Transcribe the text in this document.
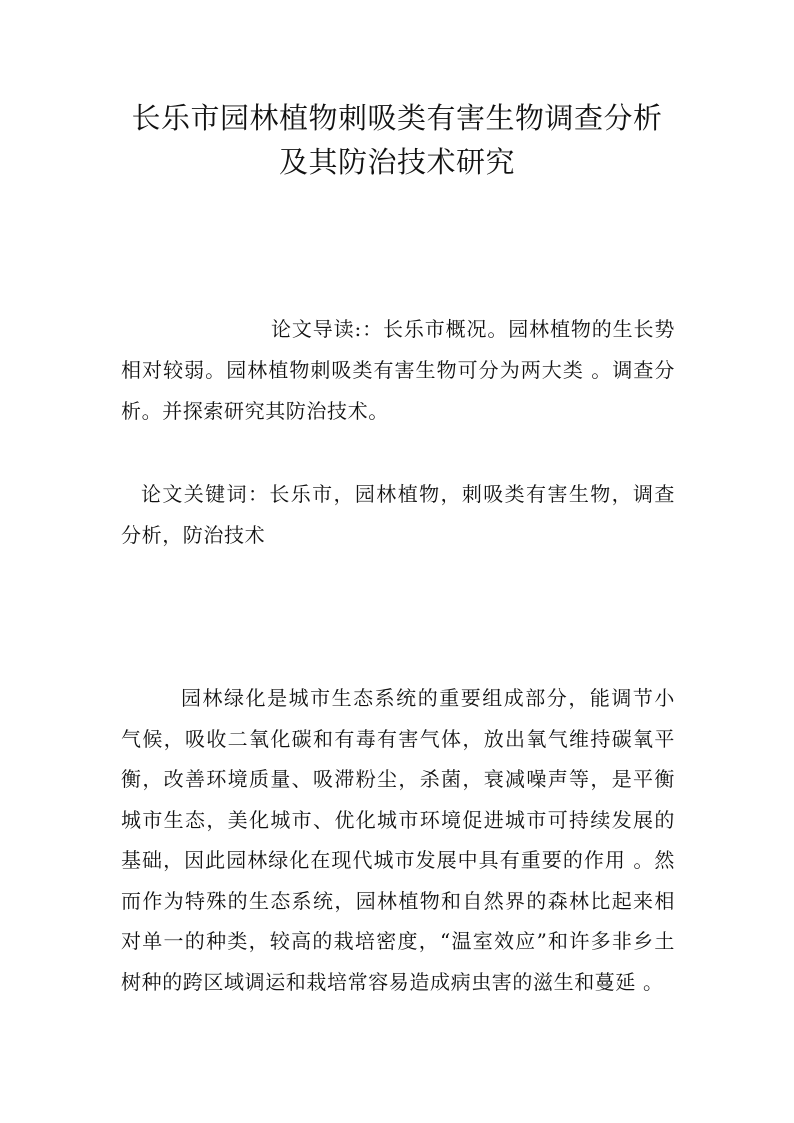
长乐市园林植物刺吸类有害生物调查分析
及其防治技术研究

论文导读:：长乐市概况。园林植物的生长势相对较弱。园林植物刺吸类有害生物可分为两大类 。调查分析。并探索研究其防治技术。

论文关键词：长乐市，园林植物，刺吸类有害生物，调查分析，防治技术

园林绿化是城市生态系统的重要组成部分，能调节小气候，吸收二氧化碳和有毒有害气体，放出氧气维持碳氧平衡，改善环境质量、吸滞粉尘，杀菌，衰减噪声等，是平衡城市生态，美化城市、优化城市环境促进城市可持续发展的基础，因此园林绿化在现代城市发展中具有重要的作用 。然而作为特殊的生态系统，园林植物和自然界的森林比起来相对单一的种类，较高的栽培密度，“温室效应”和许多非乡土树种的跨区域调运和栽培常容易造成病虫害的滋生和蔓延 。
